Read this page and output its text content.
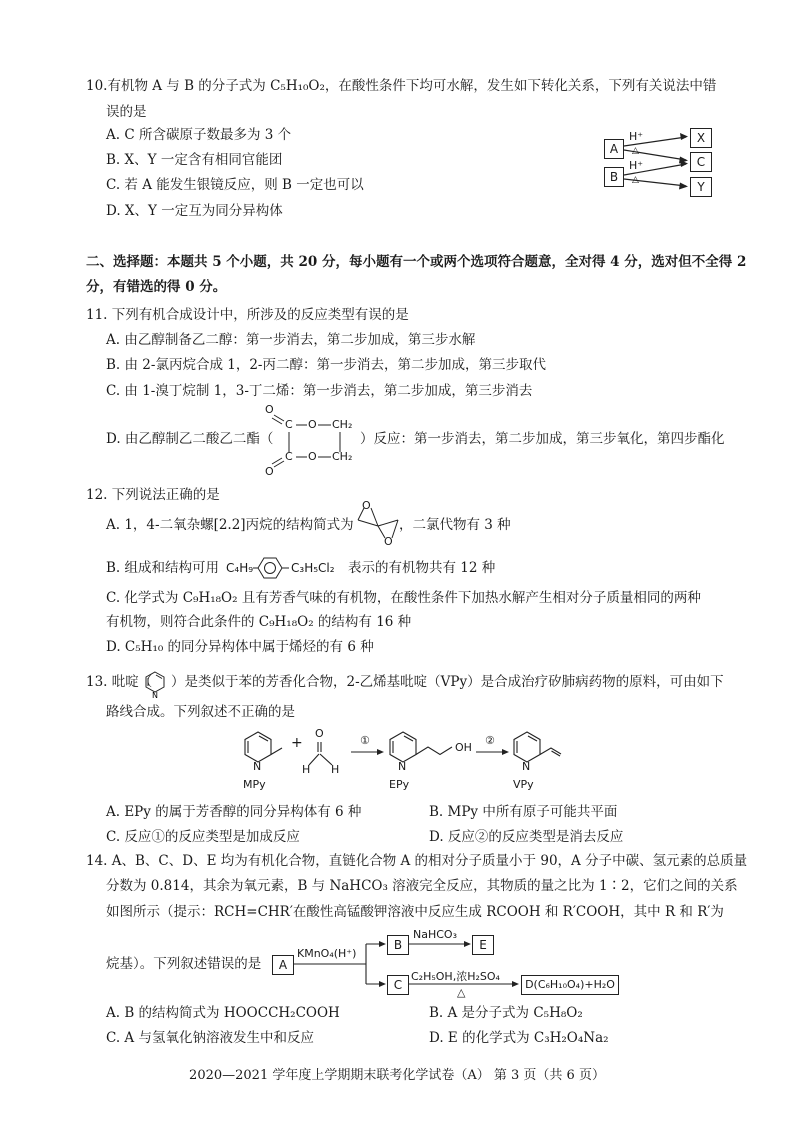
10.有机物 A 与 B 的分子式为 C₅H₁₀O₂，在酸性条件下均可水解，发生如下转化关系，下列有关说法中错
误的是
A. C 所含碳原子数最多为 3 个
B. X、Y 一定含有相同官能团
C. 若 A 能发生银镜反应，则 B 一定也可以
D. X、Y 一定互为同分异构体
A
B
X
C
Y
H⁺
△
H⁺
△
二、选择题：本题共 5 个小题，共 20 分，每小题有一个或两个选项符合题意，全对得 4 分，选对但不全得 2
分，有错选的得 0 分。
11. 下列有机合成设计中，所涉及的反应类型有误的是
A. 由乙醇制备乙二醇：第一步消去，第二步加成，第三步水解
B. 由 2-氯丙烷合成 1，2-丙二醇：第一步消去，第二步加成，第三步取代
C. 由 1-溴丁烷制 1，3-丁二烯：第一步消去，第二步加成，第三步消去
D. 由乙醇制乙二酸乙二酯（	）反应：第一步消去，第二步加成，第三步氧化，第四步酯化
O
O
C
C
O
O
CH₂
CH₂
12. 下列说法正确的是
A. 1，4-二氧杂螺[2.2]丙烷的结构简式为	，二氯代物有 3 种
O
O
B. 组成和结构可用 C₄H₉	C₃H₅Cl₂ 表示的有机物共有 12 种
C. 化学式为 C₉H₁₈O₂ 且有芳香气味的有机物，在酸性条件下加热水解产生相对分子质量相同的两种
有机物，则符合此条件的 C₉H₁₈O₂ 的结构有 16 种
D. C₅H₁₀ 的同分异构体中属于烯烃的有 6 种
13. 吡啶（
N
）是类似于苯的芳香化合物，2-乙烯基吡啶（VPy）是合成治疗矽肺病药物的原料，可由如下
路线合成。下列叙述不正确的是
N
+
O
H H
①
N
OH
②
N
MPy	EPy	VPy
A. EPy 的属于芳香醇的同分异构体有 6 种	B. MPy 中所有原子可能共平面
C. 反应①的反应类型是加成反应	D. 反应②的反应类型是消去反应
14. A、B、C、D、E 均为有机化合物，直链化合物 A 的相对分子质量小于 90，A 分子中碳、氢元素的总质量
分数为 0.814，其余为氧元素，B 与 NaHCO₃ 溶液完全反应，其物质的量之比为 1∶2，它们之间的关系
如图所示（提示：RCH=CHR′在酸性高锰酸钾溶液中反应生成 RCOOH 和 R′COOH，其中 R 和 R′为
烷基）。下列叙述错误的是	A
B
C
E
D(C₆H₁₀O₄)+H₂O
KMnO₄(H⁺)
NaHCO₃
C₂H₅OH,浓H₂SO₄
△
A. B 的结构简式为 HOOCCH₂COOH	B. A 是分子式为 C₅H₈O₂
C. A 与氢氧化钠溶液发生中和反应	D. E 的化学式为 C₃H₂O₄Na₂
2020—2021 学年度上学期期末联考化学试卷（A） 第 3 页（共 6 页）
